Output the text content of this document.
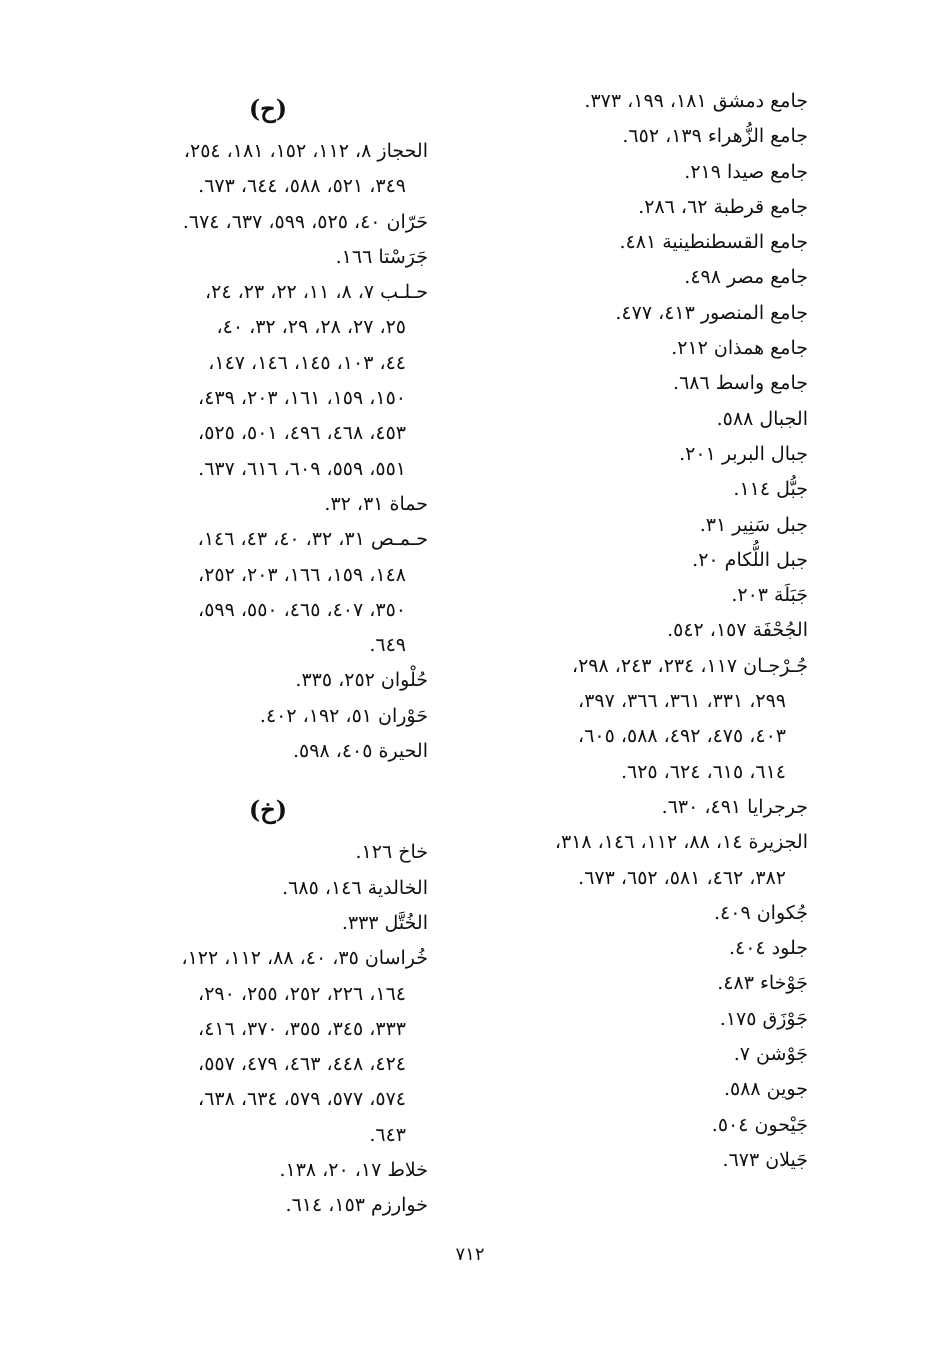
جامع دمشق ١٨١، ١٩٩، ٣٧٣.
جامع الزُّهراء ١٣٩، ٦٥٢.
جامع صيدا ٢١٩.
جامع قرطبة ٦٢، ٢٨٦.
جامع القسطنطينية ٤٨١.
جامع مصر ٤٩٨.
جامع المنصور ٤١٣، ٤٧٧.
جامع همذان ٢١٢.
جامع واسط ٦٨٦.
الجبال ٥٨٨.
جبال البربر ٢٠١.
جبُّل ١١٤.
جبل سَنِير ٣١.
جبل اللُّكام ٢٠.
جَبَلَة ٢٠٣.
الجُحْفَة ١٥٧، ٥٤٢.
جُـرْجـان ١١٧، ٢٣٤، ٢٤٣، ٢٩٨،
٢٩٩، ٣٣١، ٣٦١، ٣٦٦، ٣٩٧،
٤٠٣، ٤٧٥، ٤٩٢، ٥٨٨، ٦٠٥،
٦١٤، ٦١٥، ٦٢٤، ٦٢٥.
جرجرايا ٤٩١، ٦٣٠.
الجزيرة ١٤، ٨٨، ١١٢، ١٤٦، ٣١٨،
٣٨٢، ٤٦٢، ٥٨١، ٦٥٢، ٦٧٣.
جُكوان ٤٠٩.
جلود ٤٠٤.
جَوْخاء ٤٨٣.
جَوْزَق ١٧٥.
جَوْشن ٧.
جوين ٥٨٨.
جَيْحون ٥٠٤.
جَيلان ٦٧٣.
(ح)
الحجاز ٨، ١١٢، ١٥٢، ١٨١، ٢٥٤،
٣٤٩، ٥٢١، ٥٨٨، ٦٤٤، ٦٧٣.
حَرّان ٤٠، ٥٢٥، ٥٩٩، ٦٣٧، ٦٧٤.
جَرَسْتا ١٦٦.
حـلـب ٧، ٨، ١١، ٢٢، ٢٣، ٢٤،
٢٥، ٢٧، ٢٨، ٢٩، ٣٢، ٤٠،
٤٤، ١٠٣، ١٤٥، ١٤٦، ١٤٧،
١٥٠، ١٥٩، ١٦١، ٢٠٣، ٤٣٩،
٤٥٣، ٤٦٨، ٤٩٦، ٥٠١، ٥٢٥،
٥٥١، ٥٥٩، ٦٠٩، ٦١٦، ٦٣٧.
حماة ٣١، ٣٢.
حـمـص ٣١، ٣٢، ٤٠، ٤٣، ١٤٦،
١٤٨، ١٥٩، ١٦٦، ٢٠٣، ٢٥٢،
٣٥٠، ٤٠٧، ٤٦٥، ٥٥٠، ٥٩٩،
٦٤٩.
حُلْوان ٢٥٢، ٣٣٥.
حَوْران ٥١، ١٩٢، ٤٠٢.
الحيرة ٤٠٥، ٥٩٨.
(خ)
خاخ ١٢٦.
الخالدية ١٤٦، ٦٨٥.
الخُتَّل ٣٣٣.
خُراسان ٣٥، ٤٠، ٨٨، ١١٢، ١٢٢،
١٦٤، ٢٢٦، ٢٥٢، ٢٥٥، ٢٩٠،
٣٣٣، ٣٤٥، ٣٥٥، ٣٧٠، ٤١٦،
٤٢٤، ٤٤٨، ٤٦٣، ٤٧٩، ٥٥٧،
٥٧٤، ٥٧٧، ٥٧٩، ٦٣٤، ٦٣٨،
٦٤٣.
خلاط ١٧، ٢٠، ١٣٨.
خوارزم ١٥٣، ٦١٤.
٧١٢
